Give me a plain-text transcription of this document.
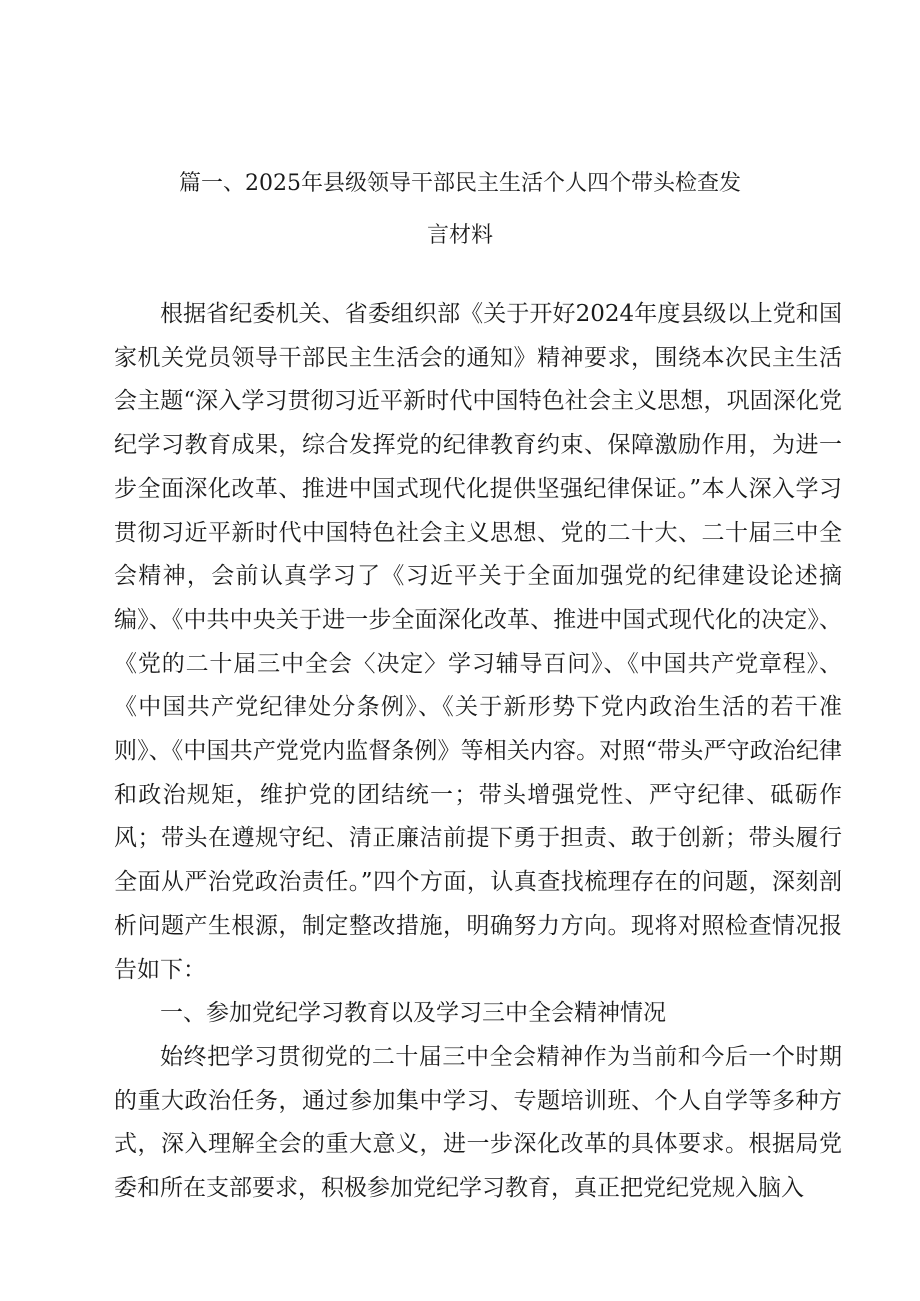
篇一、2025年县级领导干部民主生活个人四个带头检查发
言材料

根据省纪委机关、省委组织部《关于开好2024年度县级以上党和国家机关党员领导干部民主生活会的通知》精神要求，围绕本次民主生活会主题“深入学习贯彻习近平新时代中国特色社会主义思想，巩固深化党纪学习教育成果，综合发挥党的纪律教育约束、保障激励作用，为进一步全面深化改革、推进中国式现代化提供坚强纪律保证。”本人深入学习贯彻习近平新时代中国特色社会主义思想、党的二十大、二十届三中全会精神，会前认真学习了《习近平关于全面加强党的纪律建设论述摘编》、《中共中央关于进一步全面深化改革、推进中国式现代化的决定》、《党的二十届三中全会〈决定〉学习辅导百问》、《中国共产党章程》、《中国共产党纪律处分条例》、《关于新形势下党内政治生活的若干准则》、《中国共产党党内监督条例》等相关内容。对照“带头严守政治纪律和政治规矩，维护党的团结统一；带头增强党性、严守纪律、砥砺作风；带头在遵规守纪、清正廉洁前提下勇于担责、敢于创新；带头履行全面从严治党政治责任。”四个方面，认真查找梳理存在的问题，深刻剖析问题产生根源，制定整改措施，明确努力方向。现将对照检查情况报告如下：

一、参加党纪学习教育以及学习三中全会精神情况

始终把学习贯彻党的二十届三中全会精神作为当前和今后一个时期的重大政治任务，通过参加集中学习、专题培训班、个人自学等多种方式，深入理解全会的重大意义，进一步深化改革的具体要求。根据局党委和所在支部要求，积极参加党纪学习教育，真正把党纪党规入脑入
